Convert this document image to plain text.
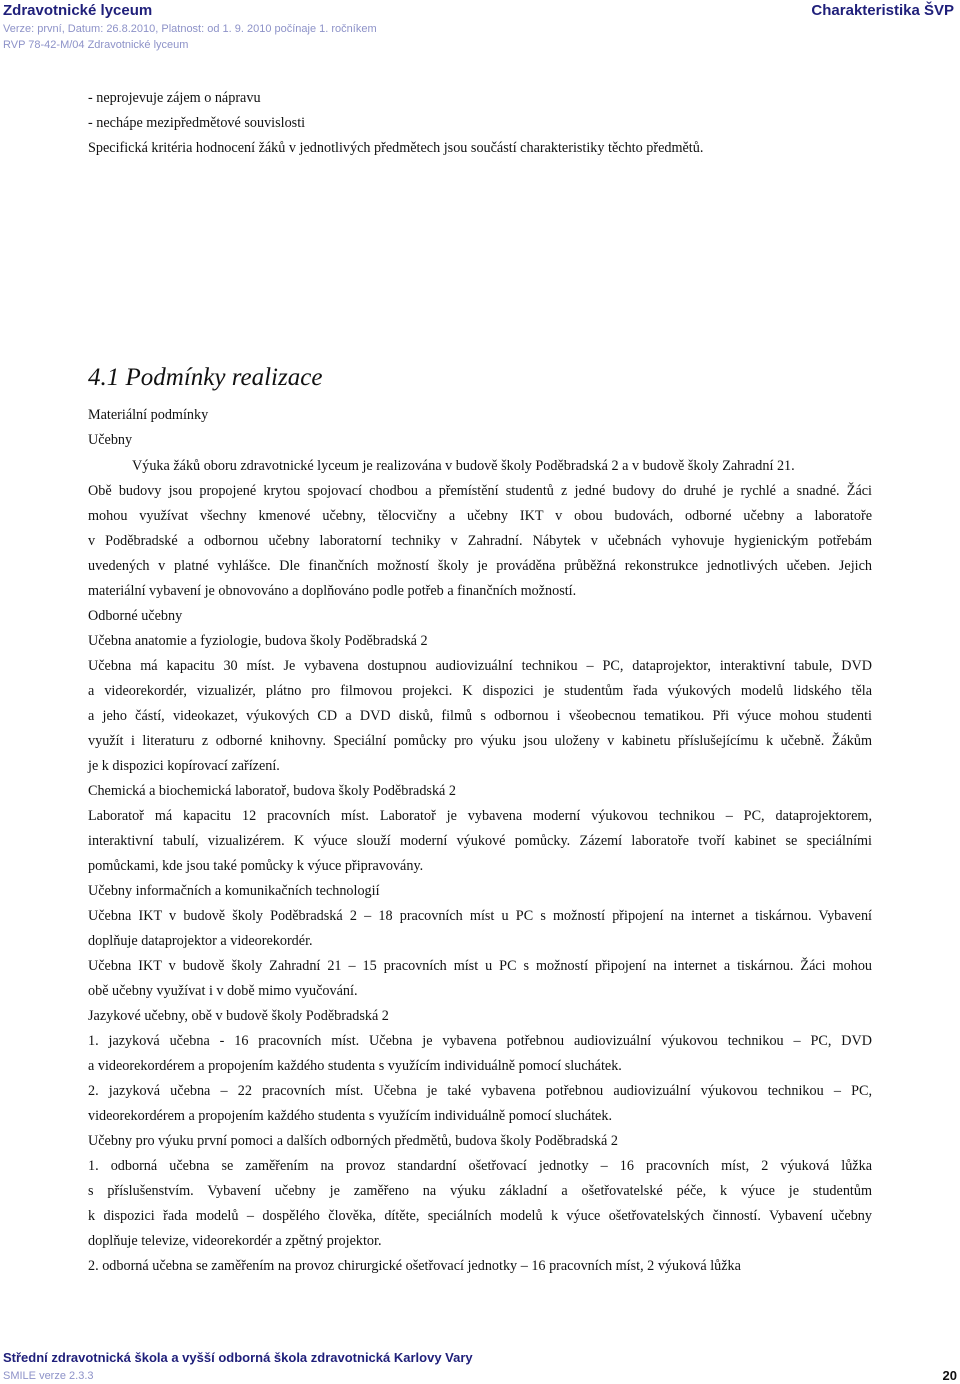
Zdravotnické lyceum	Charakteristika ŠVP
Verze: první, Datum: 26.8.2010, Platnost: od 1. 9. 2010 počínaje 1. ročníkem
RVP 78-42-M/04 Zdravotnické lyceum
- neprojevuje zájem o nápravu
- nechápe mezipředmětové souvislosti
Specifická kritéria hodnocení žáků v jednotlivých předmětech jsou součástí charakteristiky těchto předmětů.
4.1 Podmínky realizace
Materiální podmínky
Učebny
Výuka žáků oboru zdravotnické lyceum je realizována v budově školy Poděbradská 2 a v budově školy Zahradní 21.
Obě budovy jsou propojené krytou spojovací chodbou a přemístění studentů z jedné budovy do druhé je rychlé a snadné. Žáci
mohou využívat všechny kmenové učebny, tělocvičny a učebny IKT v obou budovách, odborné učebny a laboratoře
v Poděbradské a odbornou učebny laboratorní techniky v Zahradní. Nábytek v učebnách vyhovuje hygienickým potřebám
uvedených v platné vyhlášce. Dle finančních možností školy je prováděna průběžná rekonstrukce jednotlivých učeben. Jejich
materiální vybavení je obnovováno a doplňováno podle potřeb a finančních možností.
Odborné učebny
Učebna anatomie a fyziologie, budova školy Poděbradská 2
Učebna má kapacitu 30 míst. Je vybavena dostupnou audiovizuální technikou – PC, dataprojektor, interaktivní tabule, DVD
a videorekordér, vizualizér, plátno pro filmovou projekci. K dispozici je studentům řada výukových modelů lidského těla
a jeho částí, videokazet, výukových CD a DVD disků, filmů s odbornou i všeobecnou tematikou. Při výuce mohou studenti
využít i literaturu z odborné knihovny. Speciální pomůcky pro výuku jsou uloženy v kabinetu příslušejícímu k učebně. Žákům
je k dispozici kopírovací zařízení.
Chemická a biochemická laboratoř, budova školy Poděbradská 2
Laboratoř má kapacitu 12 pracovních míst. Laboratoř je vybavena moderní výukovou technikou – PC, dataprojektorem,
interaktivní tabulí, vizualizérem. K výuce slouží moderní výukové pomůcky. Zázemí laboratoře tvoří kabinet se speciálními
pomůckami, kde jsou také pomůcky k výuce připravovány.
Učebny informačních a komunikačních technologií
Učebna IKT v budově školy Poděbradská 2 – 18 pracovních míst u PC s možností připojení na internet a tiskárnou. Vybavení
doplňuje dataprojektor a videorekordér.
Učebna IKT v budově školy Zahradní 21 – 15 pracovních míst u PC s možností připojení na internet a tiskárnou. Žáci mohou
obě učebny využívat i v době mimo vyučování.
Jazykové učebny, obě v budově školy Poděbradská 2
1. jazyková učebna - 16 pracovních míst. Učebna je vybavena potřebnou audiovizuální výukovou technikou – PC, DVD
a videorekordérem a propojením každého studenta s využícím individuálně pomocí sluchátek.
2. jazyková učebna – 22 pracovních míst. Učebna je také vybavena potřebnou audiovizuální výukovou technikou – PC,
videorekordérem a propojením každého studenta s využícím individuálně pomocí sluchátek.
Učebny pro výuku první pomoci a dalších odborných předmětů, budova školy Poděbradská 2
1. odborná učebna se zaměřením na provoz standardní ošetřovací jednotky – 16 pracovních míst, 2 výuková lůžka
s příslušenstvím. Vybavení učebny je zaměřeno na výuku základní a ošetřovatelské péče, k výuce je studentům
k dispozici řada modelů – dospělého člověka, dítěte, speciálních modelů k výuce ošetřovatelských činností. Vybavení učebny
doplňuje televize, videorekordér a zpětný projektor.
2. odborná učebna se zaměřením na provoz chirurgické ošetřovací jednotky – 16 pracovních míst, 2 výuková lůžka
Střední zdravotnická škola a vyšší odborná škola zdravotnická Karlovy Vary
SMILE verze 2.3.3	20
